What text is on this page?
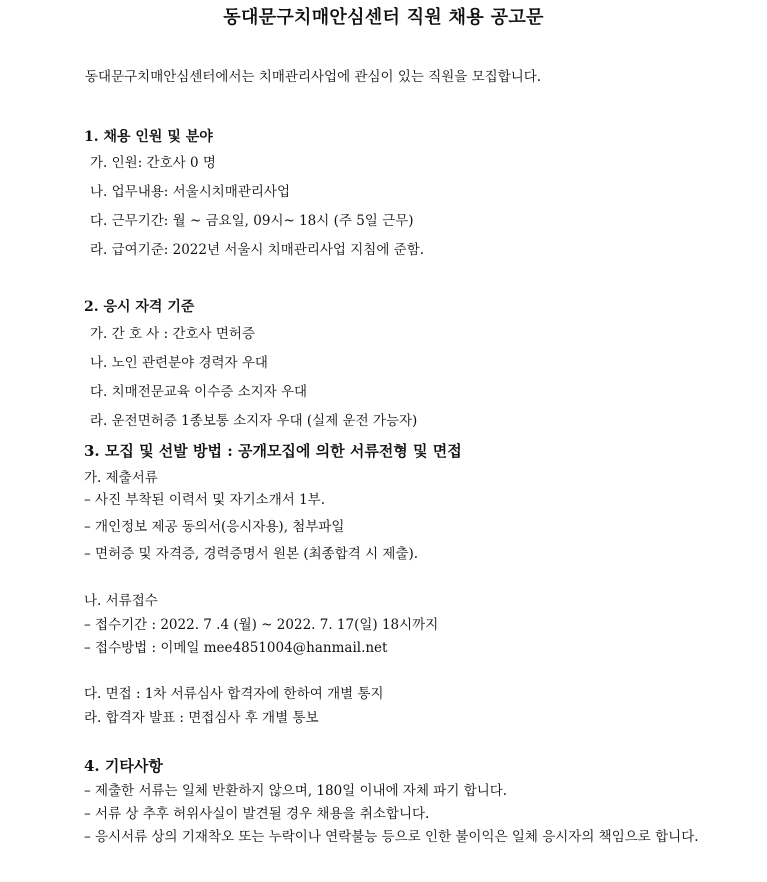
동대문구치매안심센터 직원 채용 공고문
동대문구치매안심센터에서는 치매관리사업에 관심이 있는 직원을 모집합니다.
1. 채용 인원 및 분야
가. 인원: 간호사 0 명
나. 업무내용: 서울시치매관리사업
다. 근무기간: 월 ~ 금요일, 09시~ 18시 (주 5일 근무)
라. 급여기준: 2022년 서울시 치매관리사업 지침에 준함.
2. 응시 자격 기준
가. 간 호 사 : 간호사 면허증
나. 노인 관련분야 경력자 우대
다. 치매전문교육 이수증 소지자 우대
라. 운전면허증 1종보통 소지자 우대 (실제 운전 가능자)
3. 모집 및 선발 방법 : 공개모집에 의한 서류전형 및 면접
가. 제출서류
– 사진 부착된 이력서 및 자기소개서 1부.
– 개인정보 제공 동의서(응시자용), 첨부파일
– 면허증 및 자격증, 경력증명서 원본 (최종합격 시 제출).
나. 서류접수
– 접수기간 : 2022. 7 .4 (월) ~ 2022. 7. 17(일) 18시까지
– 접수방법 : 이메일 mee4851004@hanmail.net
다. 면접 : 1차 서류심사 합격자에 한하여 개별 통지
라. 합격자 발표 : 면접심사 후 개별 통보
4. 기타사항
– 제출한 서류는 일체 반환하지 않으며, 180일 이내에 자체 파기 합니다.
– 서류 상 추후 허위사실이 발견될 경우 채용을 취소합니다.
– 응시서류 상의 기재착오 또는 누락이나 연락불능 등으로 인한 불이익은 일체 응시자의 책임으로 합니다.
